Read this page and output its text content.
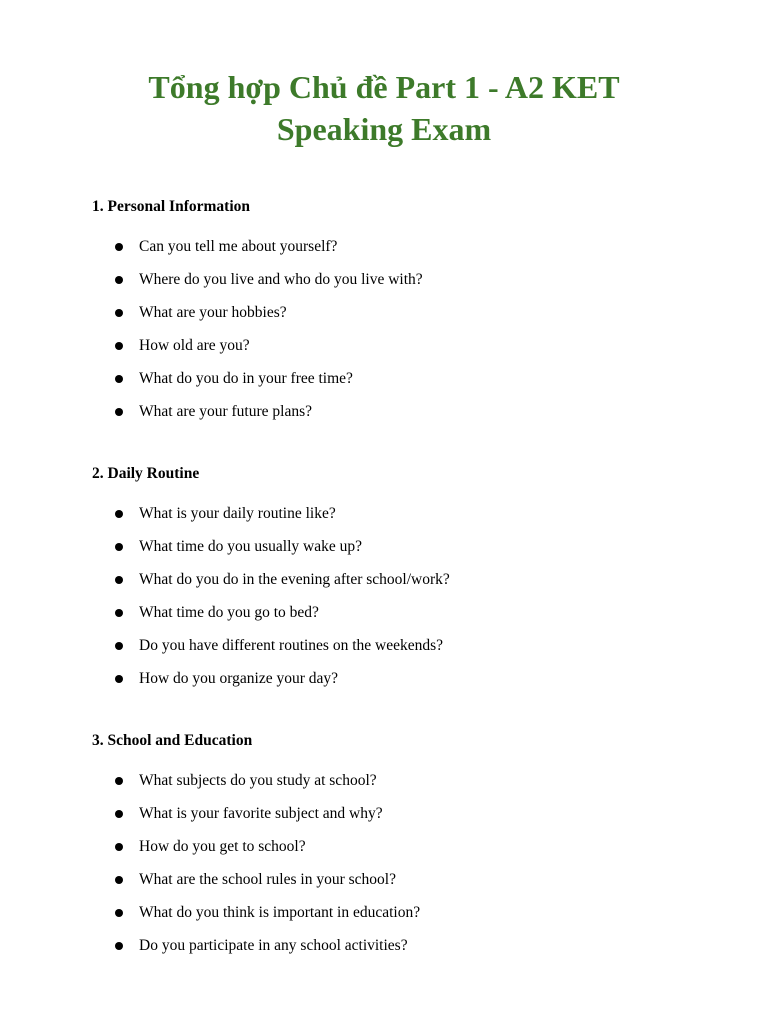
Tổng hợp Chủ đề Part 1 - A2 KET
Speaking Exam
1. Personal Information
Can you tell me about yourself?
Where do you live and who do you live with?
What are your hobbies?
How old are you?
What do you do in your free time?
What are your future plans?
2. Daily Routine
What is your daily routine like?
What time do you usually wake up?
What do you do in the evening after school/work?
What time do you go to bed?
Do you have different routines on the weekends?
How do you organize your day?
3. School and Education
What subjects do you study at school?
What is your favorite subject and why?
How do you get to school?
What are the school rules in your school?
What do you think is important in education?
Do you participate in any school activities?
